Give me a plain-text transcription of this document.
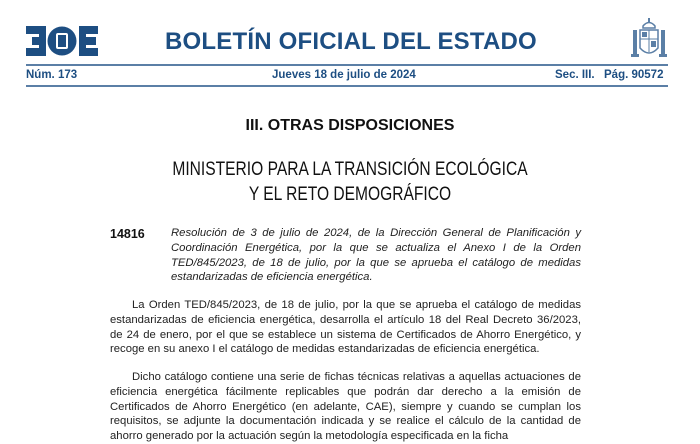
BOLETÍN OFICIAL DEL ESTADO
Núm. 173	Jueves 18 de julio de 2024	Sec. III. Pág. 90572
III. OTRAS DISPOSICIONES
MINISTERIO PARA LA TRANSICIÓN ECOLÓGICA
Y EL RETO DEMOGRÁFICO
14816 Resolución de 3 de julio de 2024, de la Dirección General de Planificación y Coordinación Energética, por la que se actualiza el Anexo I de la Orden TED/845/2023, de 18 de julio, por la que se aprueba el catálogo de medidas estandarizadas de eficiencia energética.
La Orden TED/845/2023, de 18 de julio, por la que se aprueba el catálogo de medidas estandarizadas de eficiencia energética, desarrolla el artículo 18 del Real Decreto 36/2023, de 24 de enero, por el que se establece un sistema de Certificados de Ahorro Energético, y recoge en su anexo I el catálogo de medidas estandarizadas de eficiencia energética.
Dicho catálogo contiene una serie de fichas técnicas relativas a aquellas actuaciones de eficiencia energética fácilmente replicables que podrán dar derecho a la emisión de Certificados de Ahorro Energético (en adelante, CAE), siempre y cuando se cumplan los requisitos, se adjunte la documentación indicada y se realice el cálculo de la cantidad de ahorro generado por la actuación según la metodología especificada en la ficha
